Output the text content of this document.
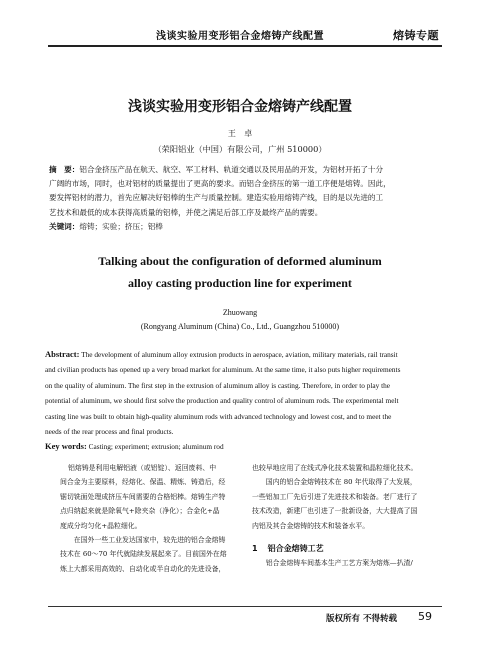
浅谈实验用变形铝合金熔铸产线配置	熔铸专题
浅谈实验用变形铝合金熔铸产线配置
王　卓
（荣阳铝业（中国）有限公司，广州 510000）
摘　要：铝合金挤压产品在航天、航空、军工材料、轨道交通以及民用品的开发，为铝材开拓了十分
广阔的市场，同时，也对铝材的质量提出了更高的要求。而铝合金挤压的第一道工序便是熔铸。因此，
要发挥铝材的潜力，首先应解决好铝棒的生产与质量控制。建造实验用熔铸产线，目的是以先进的工
艺技术和最低的成本获得高质量的铝棒，并使之满足后部工序及最终产品的需要。
关键词：熔铸；实验；挤压；铝棒
Talking about the configuration of deformed aluminum
alloy casting production line for experiment
Zhuowang
(Rongyang Aluminum (China) Co., Ltd., Guangzhou 510000)
Abstract: The development of aluminum alloy extrusion products in aerospace, aviation, military materials, rail transit
and civilian products has opened up a very broad market for aluminum. At the same time, it also puts higher requirements
on the quality of aluminum. The first step in the extrusion of aluminum alloy is casting. Therefore, in order to play the
potential of aluminum, we should first solve the production and quality control of aluminum rods. The experimental melt
casting line was built to obtain high-quality aluminum rods with advanced technology and lowest cost, and to meet the
needs of the rear process and final products.
Key words: Casting; experiment; extrusion; aluminum rod
铝熔铸是利用电解铝液（或铝锭）、返回废料、中
间合金为主要原料，经熔化、保温、精炼、铸造后，经
锯切铣面处理成挤压车间需要的合格铝棒。熔铸生产特
点归纳起来就是除氧气+除夹杂（净化）；合金化+晶
度成分均匀化+晶粒细化。
　　在国外一些工业发达国家中，较先进的铝合金熔铸
技术在 60～70 年代就陆续发展起来了。目前国外在熔
炼上大都采用高效的、自动化或半自动化的先进设备，
也较早地应用了在线式净化技术装置和晶粒细化技术。
　　国内的铝合金熔铸技术在 80 年代取得了大发展，
一些铝加工厂先后引进了先进技术和装备。老厂进行了
技术改造，新建厂也引进了一批新设备，大大提高了国
内铝及其合金熔铸的技术和装备水平。
1 铝合金熔铸工艺
　　铝合金熔铸车间基本生产工艺方案为熔炼—扒渣/
版权所有 不得转载 59
